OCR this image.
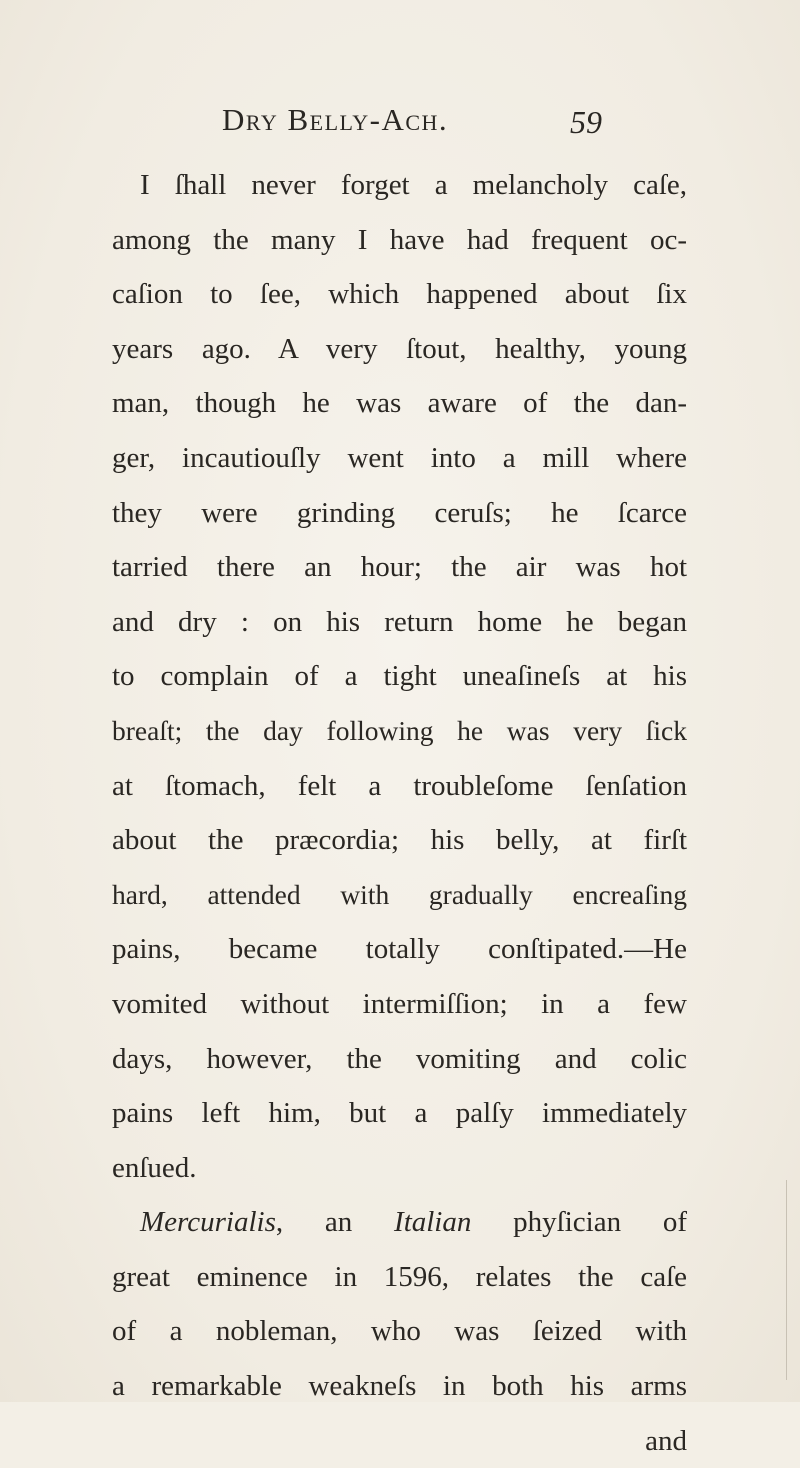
Dry Belly-Ach.	59
I ſhall never forget a melancholy caſe,
among the many I have had frequent oc-
caſion to ſee, which happened about ſix
years ago. A very ſtout, healthy, young
man, though he was aware of the dan-
ger, incautiouſly went into a mill where
they were grinding ceruſs; he ſcarce
tarried there an hour; the air was hot
and dry : on his return home he began
to complain of a tight uneaſineſs at his
breaſt; the day following he was very ſick
at ſtomach, felt a troubleſome ſenſation
about the præcordia; his belly, at firſt
hard, attended with gradually encreaſing
pains, became totally conſtipated.—He
vomited without intermiſſion; in a few
days, however, the vomiting and colic
pains left him, but a palſy immediately
enſued.
Mercurialis, an Italian phyſician of
great eminence in 1596, relates the caſe
of a nobleman, who was ſeized with
a remarkable weakneſs in both his arms
and
